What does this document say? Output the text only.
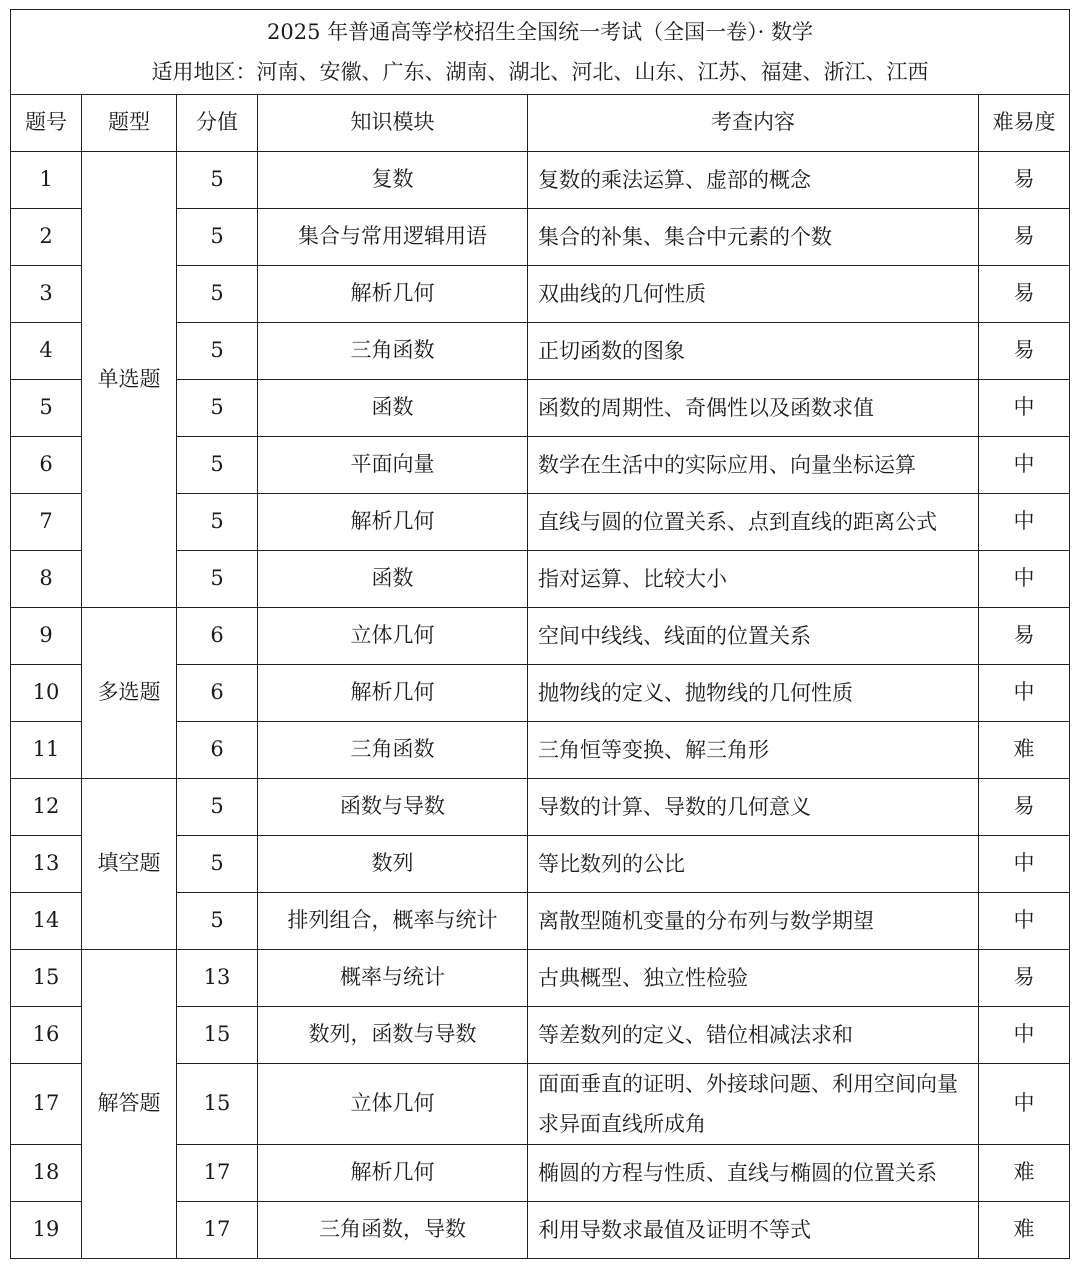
2025 年普通高等学校招生全国统一考试（全国一卷）· 数学
适用地区：河南、安徽、广东、湖南、湖北、河北、山东、江苏、福建、浙江、江西					

题号	题型	分值	知识模块	考查内容	难易度
1	单选题	5	复数	复数的乘法运算、虚部的概念	易
2		5	集合与常用逻辑用语	集合的补集、集合中元素的个数	易
3		5	解析几何	双曲线的几何性质	易
4		5	三角函数	正切函数的图象	易
5		5	函数	函数的周期性、奇偶性以及函数求值	中
6		5	平面向量	数学在生活中的实际应用、向量坐标运算	中
7		5	解析几何	直线与圆的位置关系、点到直线的距离公式	中
8		5	函数	指对运算、比较大小	中
9	多选题	6	立体几何	空间中线线、线面的位置关系	易
10		6	解析几何	抛物线的定义、抛物线的几何性质	中
11		6	三角函数	三角恒等变换、解三角形	难
12	填空题	5	函数与导数	导数的计算、导数的几何意义	易
13		5	数列	等比数列的公比	中
14		5	排列组合，概率与统计	离散型随机变量的分布列与数学期望	中
15	解答题	13	概率与统计	古典概型、独立性检验	易
16		15	数列，函数与导数	等差数列的定义、错位相减法求和	中
17		15	立体几何	面面垂直的证明、外接球问题、利用空间向量求异面直线所成角	中
18		17	解析几何	椭圆的方程与性质、直线与椭圆的位置关系	难
19		17	三角函数，导数	利用导数求最值及证明不等式	难
